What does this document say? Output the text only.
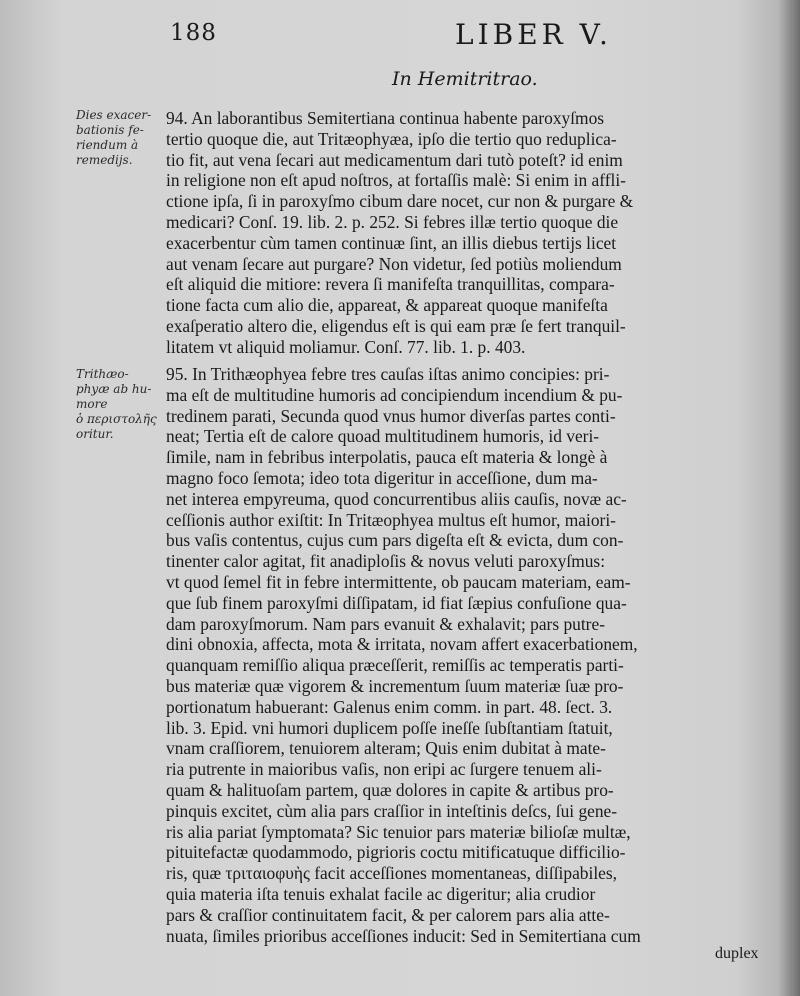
188	LIBER V.
In Hemitritrao.
Dies exacer-
bationis fe-
riendum à
remedijs.
Trithæo-
phyæ ab hu-
more
ὁ περιστολῆς
oritur.
94. An laborantibus Semitertiana continua habente paroxyſmos
tertio quoque die, aut Tritæophyæa, ipſo die tertio quo reduplica-
tio fit, aut vena ſecari aut medicamentum dari tutò poteſt? id enim
in religione non eſt apud noſtros, at fortaſſis malè: Si enim in affli-
ctione ipſa, ſi in paroxyſmo cibum dare nocet, cur non & purgare &
medicari? Conſ. 19. lib. 2. p. 252. Si febres illæ tertio quoque die
exacerbentur cùm tamen continuæ ſint, an illis diebus tertijs licet
aut venam ſecare aut purgare? Non videtur, ſed potiùs moliendum
eſt aliquid die mitiore: revera ſi manifeſta tranquillitas, compara-
tione facta cum alio die, appareat, & appareat quoque manifeſta
exaſperatio altero die, eligendus eſt is qui eam præ ſe fert tranquil-
litatem vt aliquid moliamur. Conſ. 77. lib. 1. p. 403.
95. In Trithæophyea febre tres cauſas iſtas animo concipies: pri-
ma eſt de multitudine humoris ad concipiendum incendium & pu-
tredinem parati, Secunda quod vnus humor diverſas partes conti-
neat; Tertia eſt de calore quoad multitudinem humoris, id veri-
ſimile, nam in febribus interpolatis, pauca eſt materia & longè à
magno foco ſemota; ideo tota digeritur in acceſſione, dum ma-
net interea empyreuma, quod concurrentibus aliis cauſis, novæ ac-
ceſſionis author exiſtit: In Tritæophyea multus eſt humor, maiori-
bus vaſis contentus, cujus cum pars digeſta eſt & evicta, dum con-
tinenter calor agitat, fit anadiploſis & novus veluti paroxyſmus:
vt quod ſemel fit in febre intermittente, ob paucam materiam, eam-
que ſub finem paroxyſmi diſſipatam, id fiat ſæpius confuſione qua-
dam paroxyſmorum. Nam pars evanuit & exhalavit; pars putre-
dini obnoxia, affecta, mota & irritata, novam affert exacerbationem,
quanquam remiſſio aliqua præceſſerit, remiſſis ac temperatis parti-
bus materiæ quæ vigorem & incrementum ſuum materiæ ſuæ pro-
portionatum habuerant: Galenus enim comm. in part. 48. ſect. 3.
lib. 3. Epid. vni humori duplicem poſſe ineſſe ſubſtantiam ſtatuit,
vnam craſſiorem, tenuiorem alteram; Quis enim dubitat à mate-
ria putrente in maioribus vaſis, non eripi ac ſurgere tenuem ali-
quam & halituoſam partem, quæ dolores in capite & artibus pro-
pinquis excitet, cùm alia pars craſſior in inteſtinis deſcs, ſui gene-
ris alia pariat ſymptomata? Sic tenuior pars materiæ bilioſæ multæ,
pituitefactæ quodammodo, pigrioris coctu mitificatuque difficilio-
ris, quæ τριταιοφυὴς facit acceſſiones momentaneas, diſſipabiles,
quia materia iſta tenuis exhalat facile ac digeritur; alia crudior
pars & craſſior continuitatem facit, & per calorem pars alia atte-
nuata, ſimiles prioribus acceſſiones inducit: Sed in Semitertiana cum
duplex
